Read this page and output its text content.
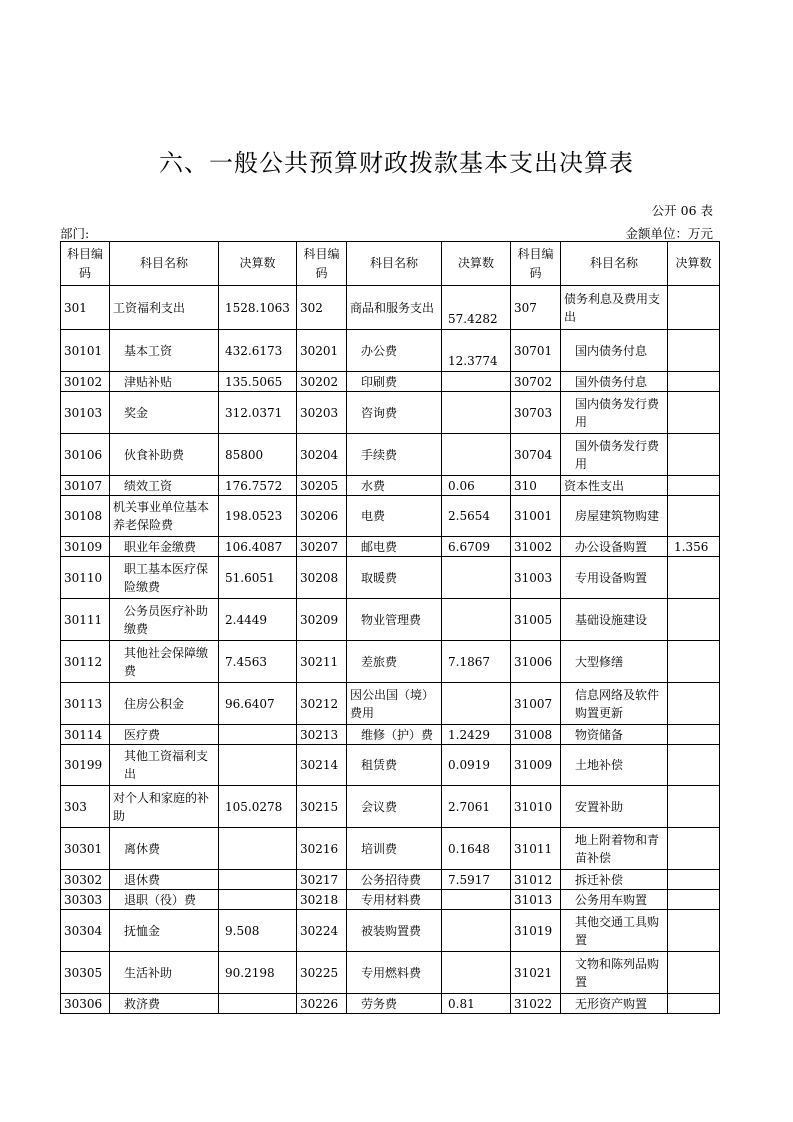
六、一般公共预算财政拨款基本支出决算表
公开 06 表
部门:	金额单位：万元
科目编码	科目名称	决算数	科目编码	科目名称	决算数	科目编码	科目名称	决算数
301	工资福利支出	1528.1063	302	商品和服务支出	57.4282	307	债务利息及费用支出	
30101	基本工资	432.6173	30201	办公费	12.3774	30701	国内债务付息	
30102	津贴补贴	135.5065	30202	印刷费		30702	国外债务付息	
30103	奖金	312.0371	30203	咨询费		30703	国内债务发行费用	
30106	伙食补助费	85800	30204	手续费		30704	国外债务发行费用	
30107	绩效工资	176.7572	30205	水费	0.06	310	资本性支出	
30108	机关事业单位基本养老保险费	198.0523	30206	电费	2.5654	31001	房屋建筑物购建	
30109	职业年金缴费	106.4087	30207	邮电费	6.6709	31002	办公设备购置	1.356
30110	职工基本医疗保险缴费	51.6051	30208	取暖费		31003	专用设备购置	
30111	公务员医疗补助缴费	2.4449	30209	物业管理费		31005	基础设施建设	
30112	其他社会保障缴费	7.4563	30211	差旅费	7.1867	31006	大型修缮	
30113	住房公积金	96.6407	30212	因公出国（境）费用		31007	信息网络及软件购置更新	
30114	医疗费		30213	维修（护）费	1.2429	31008	物资储备	
30199	其他工资福利支出		30214	租赁费	0.0919	31009	土地补偿	
303	对个人和家庭的补助	105.0278	30215	会议费	2.7061	31010	安置补助	
30301	离休费		30216	培训费	0.1648	31011	地上附着物和青苗补偿	
30302	退休费		30217	公务招待费	7.5917	31012	拆迁补偿	
30303	退职（役）费		30218	专用材料费		31013	公务用车购置	
30304	抚恤金	9.508	30224	被装购置费		31019	其他交通工具购置	
30305	生活补助	90.2198	30225	专用燃料费		31021	文物和陈列品购置	
30306	救济费		30226	劳务费	0.81	31022	无形资产购置	
